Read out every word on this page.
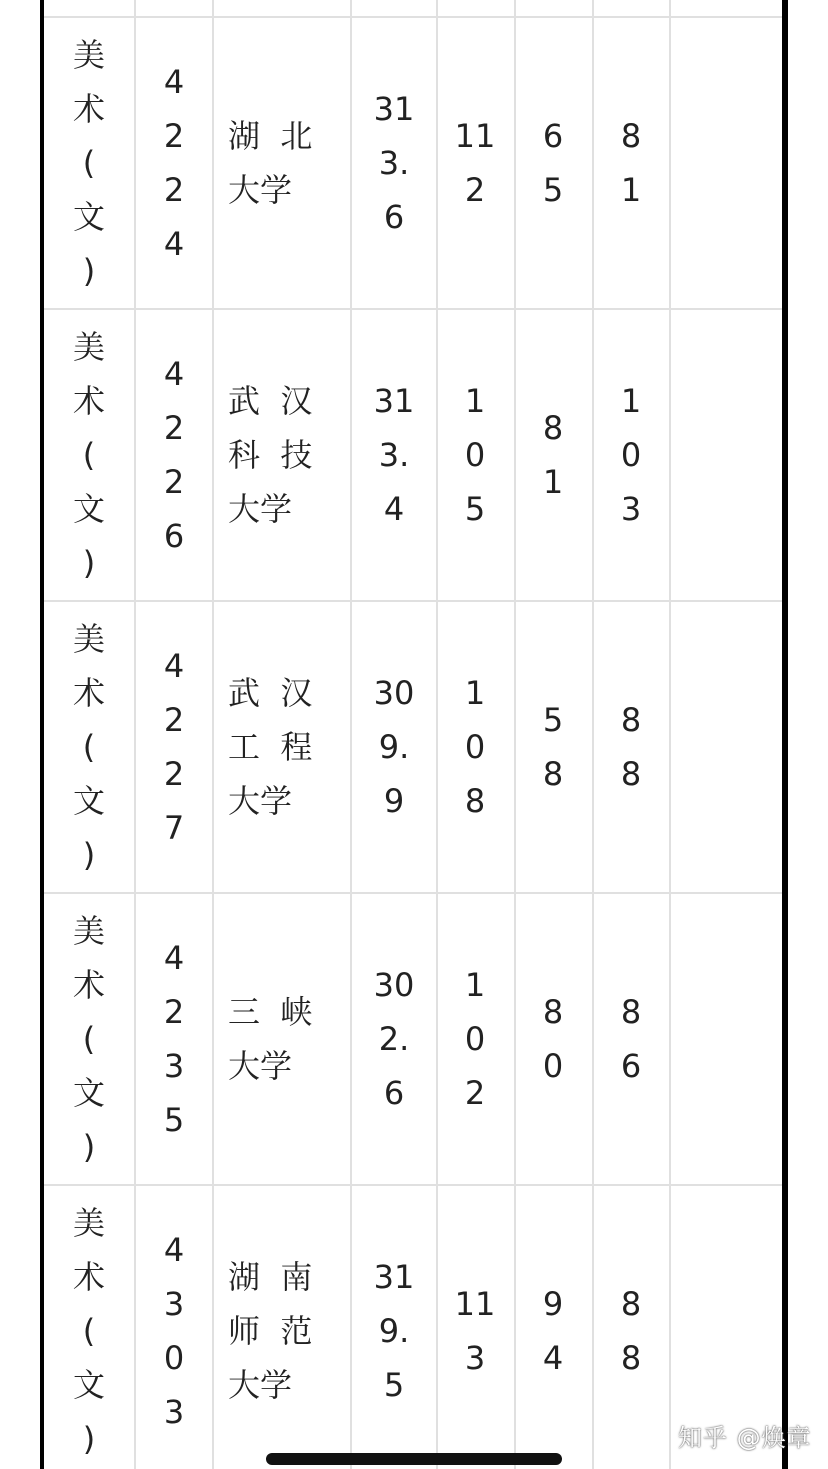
美
术
(
文
)
4
2
2
4
湖  北
大学
31
3.
6
11
2
6
5
8
1
美
术
(
文
)
4
2
2
6
武  汉
科  技
大学
31
3.
4
1
0
5
8
1
1
0
3
美
术
(
文
)
4
2
2
7
武  汉
工  程
大学
30
9.
9
1
0
8
5
8
8
8
美
术
(
文
)
4
2
3
5
三  峡
大学
30
2.
6
1
0
2
8
0
8
6
美
术
(
文
)
4
3
0
3
湖  南
师  范
大学
31
9.
5
11
3
9
4
8
8
知乎 @焕章
